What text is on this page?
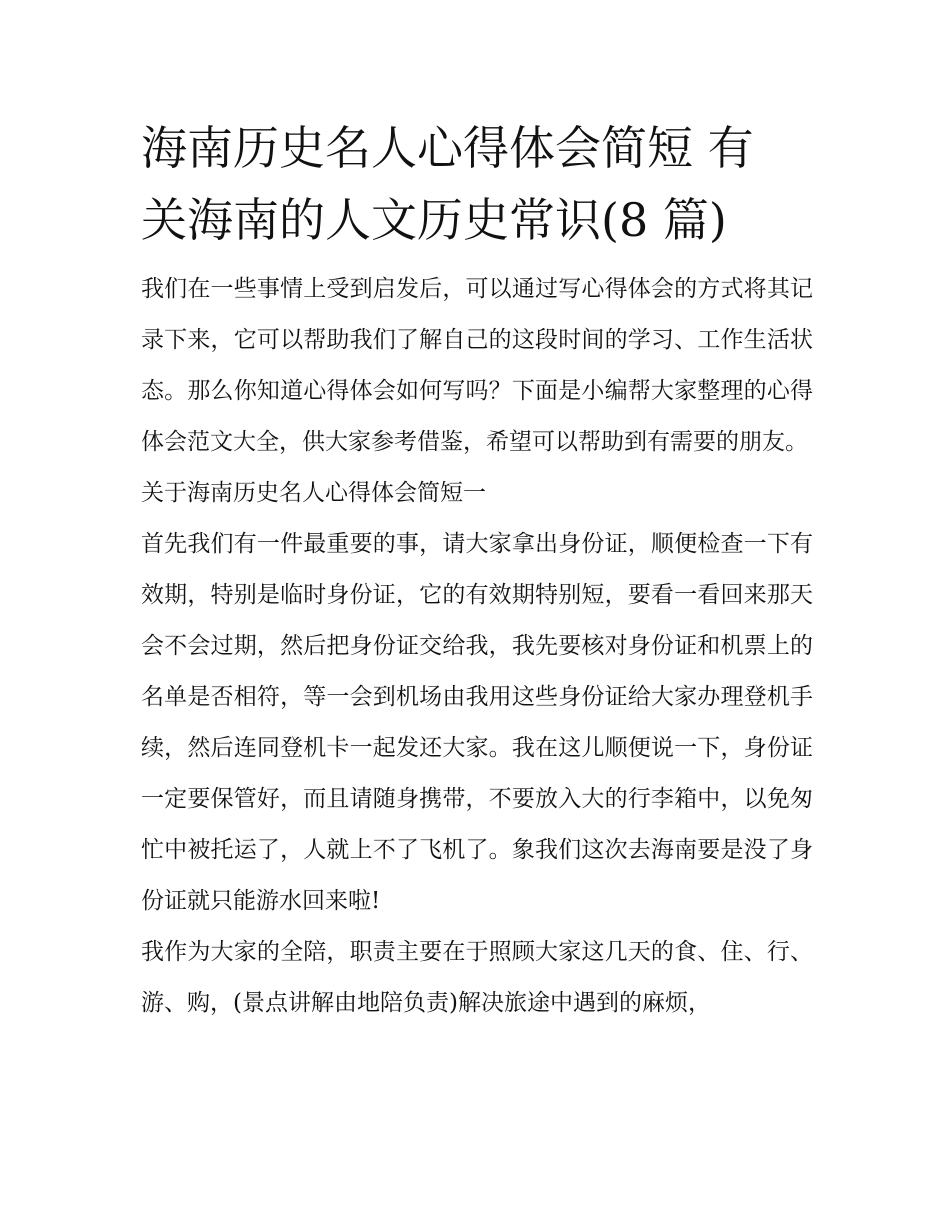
海南历史名人心得体会简短 有
关海南的人文历史常识(8 篇)

我们在一些事情上受到启发后，可以通过写心得体会的方式将其记录下来，它可以帮助我们了解自己的这段时间的学习、工作生活状态。那么你知道心得体会如何写吗？下面是小编帮大家整理的心得体会范文大全，供大家参考借鉴，希望可以帮助到有需要的朋友。

关于海南历史名人心得体会简短一

首先我们有一件最重要的事，请大家拿出身份证，顺便检查一下有效期，特别是临时身份证，它的有效期特别短，要看一看回来那天会不会过期，然后把身份证交给我，我先要核对身份证和机票上的名单是否相符，等一会到机场由我用这些身份证给大家办理登机手续，然后连同登机卡一起发还大家。我在这儿顺便说一下，身份证一定要保管好，而且请随身携带，不要放入大的行李箱中，以免匆忙中被托运了，人就上不了飞机了。象我们这次去海南要是没了身份证就只能游水回来啦!

我作为大家的全陪，职责主要在于照顾大家这几天的食、住、行、游、购，(景点讲解由地陪负责)解决旅途中遇到的麻烦，
